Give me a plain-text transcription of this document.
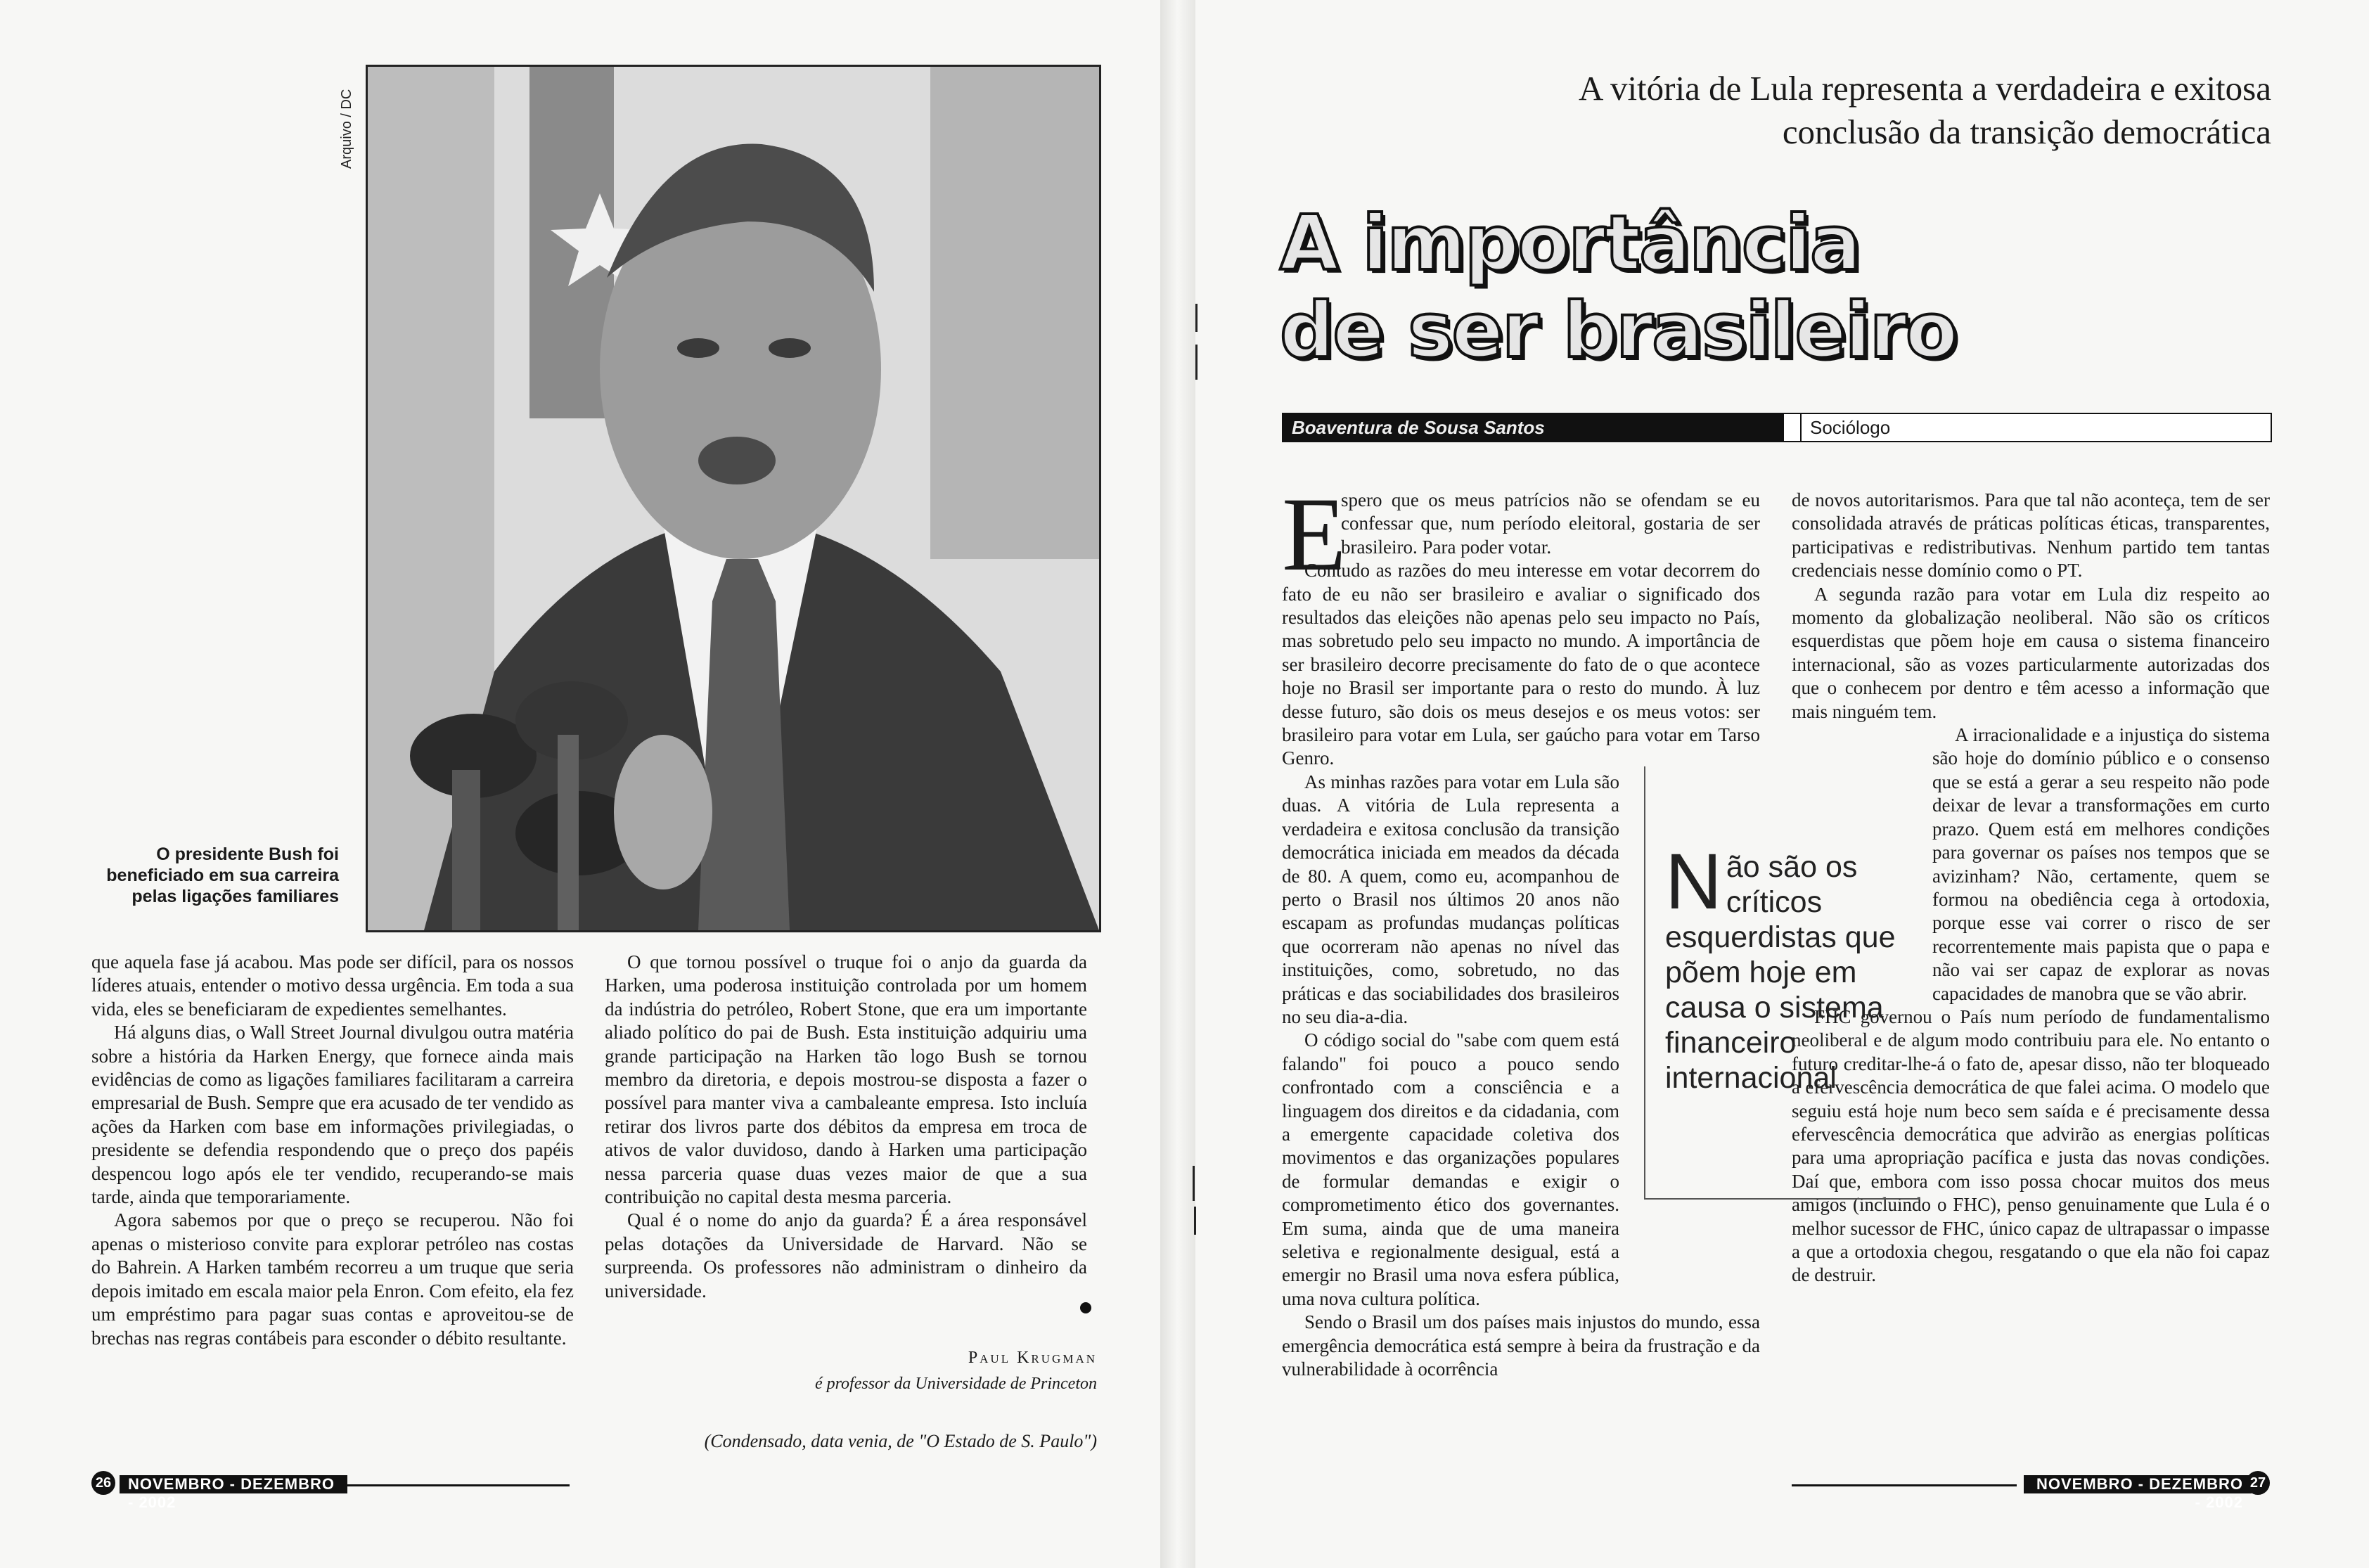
Arquivo / DC
O presidente Bush foi beneficiado em sua carreira pelas ligações familiares

que aquela fase já acabou. Mas pode ser difícil, para os nossos líderes atuais, entender o motivo dessa urgência. Em toda a sua vida, eles se beneficiaram de expedientes semelhantes.

Há alguns dias, o Wall Street Journal divulgou outra matéria sobre a história da Harken Energy, que fornece ainda mais evidências de como as ligações familiares facilitaram a carreira empresarial de Bush. Sempre que era acusado de ter vendido as ações da Harken com base em informações privilegiadas, o presidente se defendia respondendo que o preço dos papéis despencou logo após ele ter vendido, recuperando-se mais tarde, ainda que temporariamente.

Agora sabemos por que o preço se recuperou. Não foi apenas o misterioso convite para explorar petróleo nas costas do Bahrein. A Harken também recorreu a um truque que seria depois imitado em escala maior pela Enron. Com efeito, ela fez um empréstimo para pagar suas contas e aproveitou-se de brechas nas regras contábeis para esconder o débito resultante.

O que tornou possível o truque foi o anjo da guarda da Harken, uma poderosa instituição controlada por um homem da indústria do petróleo, Robert Stone, que era um importante aliado político do pai de Bush. Esta instituição adquiriu uma grande participação na Harken tão logo Bush se tornou membro da diretoria, e depois mostrou-se disposta a fazer o possível para manter viva a cambaleante empresa. Isto incluía retirar dos livros parte dos débitos da empresa em troca de ativos de valor duvidoso, dando à Harken uma participação nessa parceria quase duas vezes maior de que a sua contribuição no capital desta mesma parceria.

Qual é o nome do anjo da guarda? É a área responsável pelas dotações da Universidade de Harvard. Não se surpreenda. Os professores não administram o dinheiro da universidade.

Paul Krugman
é professor da Universidade de Princeton
(Condensado, data venia, de "O Estado de S. Paulo")
26	NOVEMBRO - DEZEMBRO - 2002
A vitória de Lula representa a verdadeira e exitosa conclusão da transição democrática
A importância
de ser brasileiro
Boaventura de Sousa Santos	Sociólogo
E

spero que os meus patrícios não se ofendam se eu confessar que, num período eleitoral, gostaria de ser brasileiro. Para poder votar.

Contudo as razões do meu interesse em votar decorrem do fato de eu não ser brasileiro e avaliar o significado dos resultados das eleições não apenas pelo seu impacto no País, mas sobretudo pelo seu impacto no mundo. A importância de ser brasileiro decorre precisamente do fato de o que acontece hoje no Brasil ser importante para o resto do mundo. À luz desse futuro, são dois os meus desejos e os meus votos: ser brasileiro para votar em Lula, ser gaúcho para votar em Tarso Genro.

As minhas razões para votar em Lula são duas. A vitória de Lula representa a verdadeira e exitosa conclusão da transição democrática iniciada em meados da década de 80. A quem, como eu, acompanhou de perto o Brasil nos últimos 20 anos não escapam as profundas mudanças políticas que ocorreram não apenas no nível das instituições, como, sobretudo, no das práticas e das sociabilidades dos brasileiros no seu dia-a-dia.

O código social do "sabe com quem está falando" foi pouco a pouco sendo confrontado com a consciência e a linguagem dos direitos e da cidadania, com a emergente capacidade coletiva dos movimentos e das organizações populares de formular demandas e exigir o comprometimento ético dos governantes. Em suma, ainda que de uma maneira seletiva e regionalmente desigual, está a emergir no Brasil uma nova esfera pública, uma nova cultura política.

Sendo o Brasil um dos países mais injustos do mundo, essa emergência democrática está sempre à beira da frustração e da vulnerabilidade à ocorrência

de novos autoritarismos. Para que tal não aconteça, tem de ser consolidada através de práticas políticas éticas, transparentes, participativas e redistributivas. Nenhum partido tem tantas credenciais nesse domínio como o PT.

A segunda razão para votar em Lula diz respeito ao momento da globalização neoliberal. Não são os críticos esquerdistas que põem hoje em causa o sistema financeiro internacional, são as vozes particularmente autorizadas dos que o conhecem por dentro e têm acesso a informação que mais ninguém tem.

A irracionalidade e a injustiça do sistema são hoje do domínio público e o consenso que se está a gerar a seu respeito não pode deixar de levar a transformações em curto prazo. Quem está em melhores condições para governar os países nos tempos que se avizinham? Não, certamente, quem se formou na obediência cega à ortodoxia, porque esse vai correr o risco de ser recorrentemente mais papista que o papa e não vai ser capaz de explorar as novas capacidades de manobra que se vão abrir.

FHC governou o País num período de fundamentalismo neoliberal e de algum modo contribuiu para ele. No entanto o futuro creditar-lhe-á o fato de, apesar disso, não ter bloqueado a efervescência democrática de que falei acima. O modelo que seguiu está hoje num beco sem saída e é precisamente dessa efervescência democrática que advirão as energias políticas para uma apropriação pacífica e justa das novas condições. Daí que, embora com isso possa chocar muitos dos meus amigos (incluindo o FHC), penso genuinamente que Lula é o melhor sucessor de FHC, único capaz de ultrapassar o impasse a que a ortodoxia chegou, resgatando o que ela não foi capaz de destruir.

Não são os críticos esquerdistas que põem hoje em causa o sistema financeiro internacional
NOVEMBRO - DEZEMBRO - 2002
27
